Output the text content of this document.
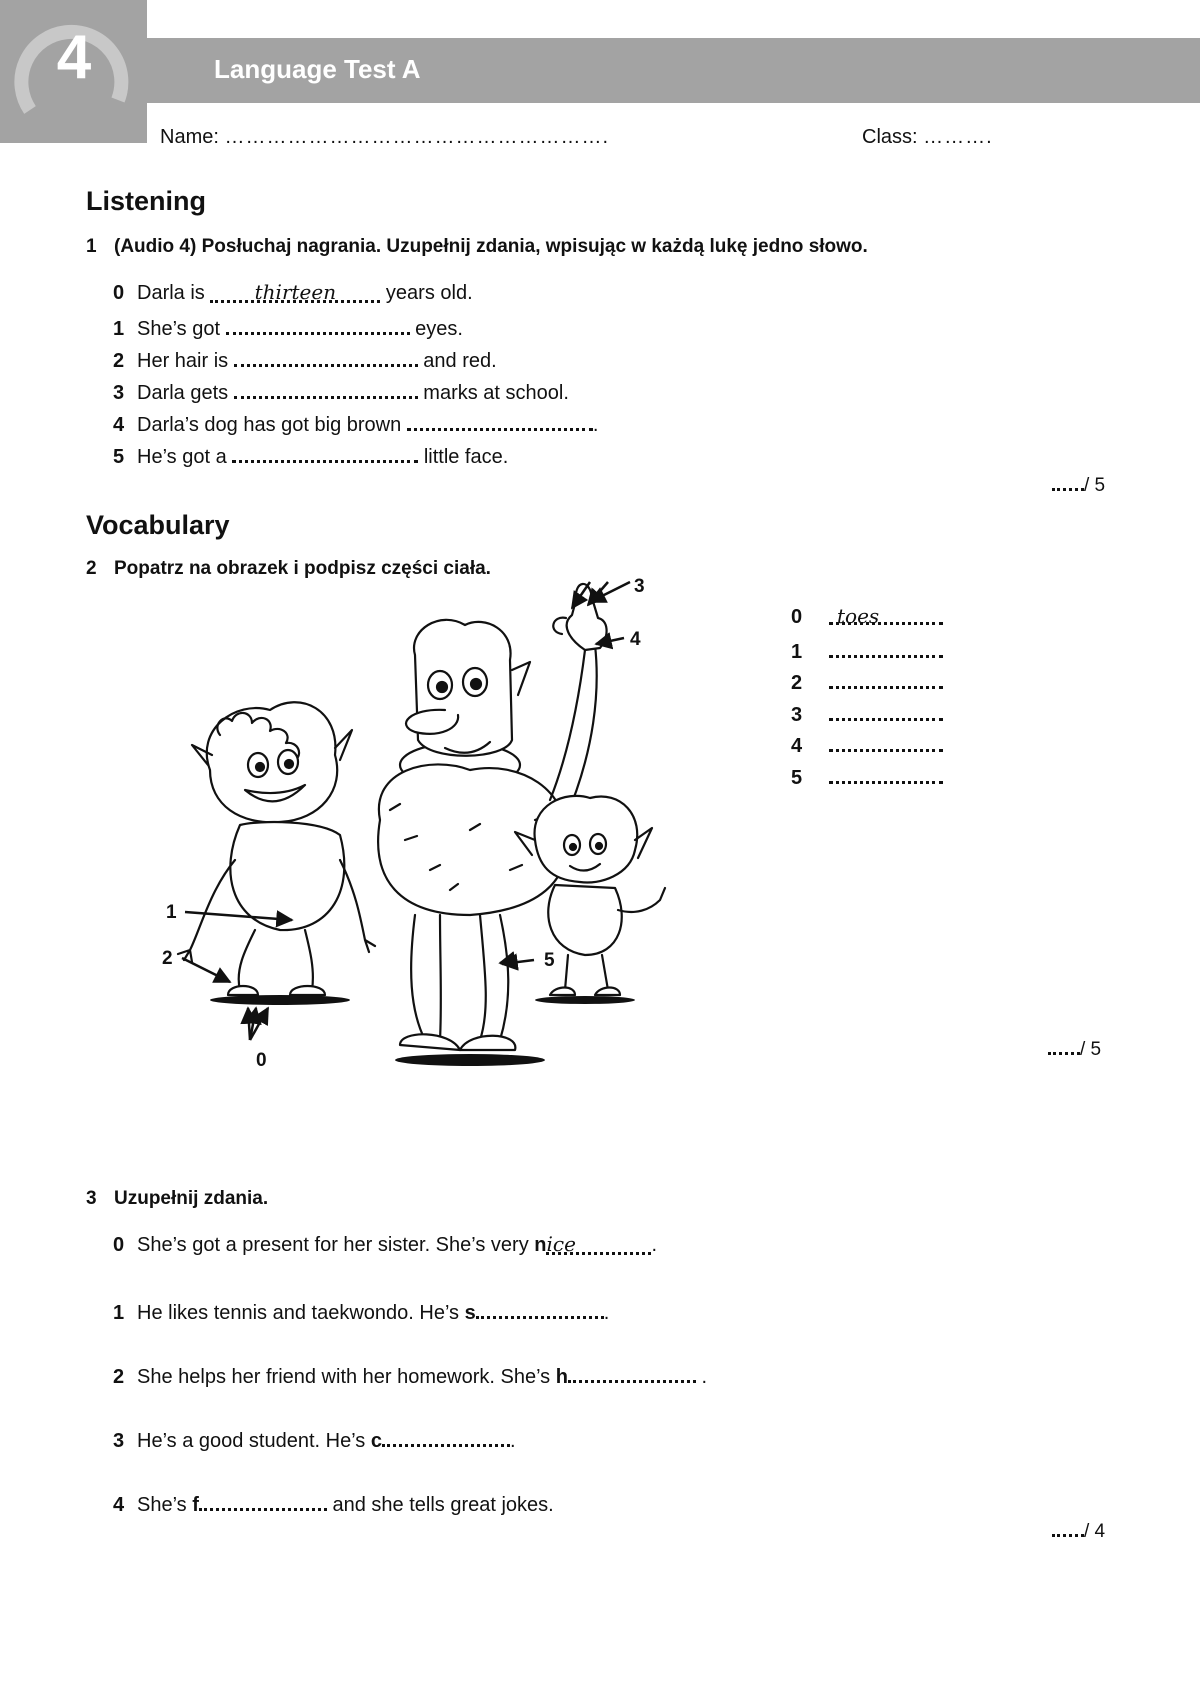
4	Language Test A
Name: ……………………………………………….	Class: ……….
Listening

1 (Audio 4) Posłuchaj nagrania. Uzupełnij zdania, wpisując w każdą lukę jedno słowo.

0 Darla is thirteen years old.
1 She’s got	eyes.
2 Her hair is	and red.
3 Darla gets	marks at school.
4 Darla’s dog has got big brown	.
5 He’s got a	little face.
/ 5
Vocabulary

2 Popatrz na obrazek i podpisz części ciała.

1
2
3
4
5
0
0 toes
1
2
3
4
5
/ 5

3 Uzupełnij zdania.

0 She’s got a present for her sister. She’s very nice	.
1 He likes tennis and taekwondo. He’s s	.
2 She helps her friend with her homework. She’s h	.
3 He’s a good student. He’s c	.
4 She’s f	and she tells great jokes.
/ 4
